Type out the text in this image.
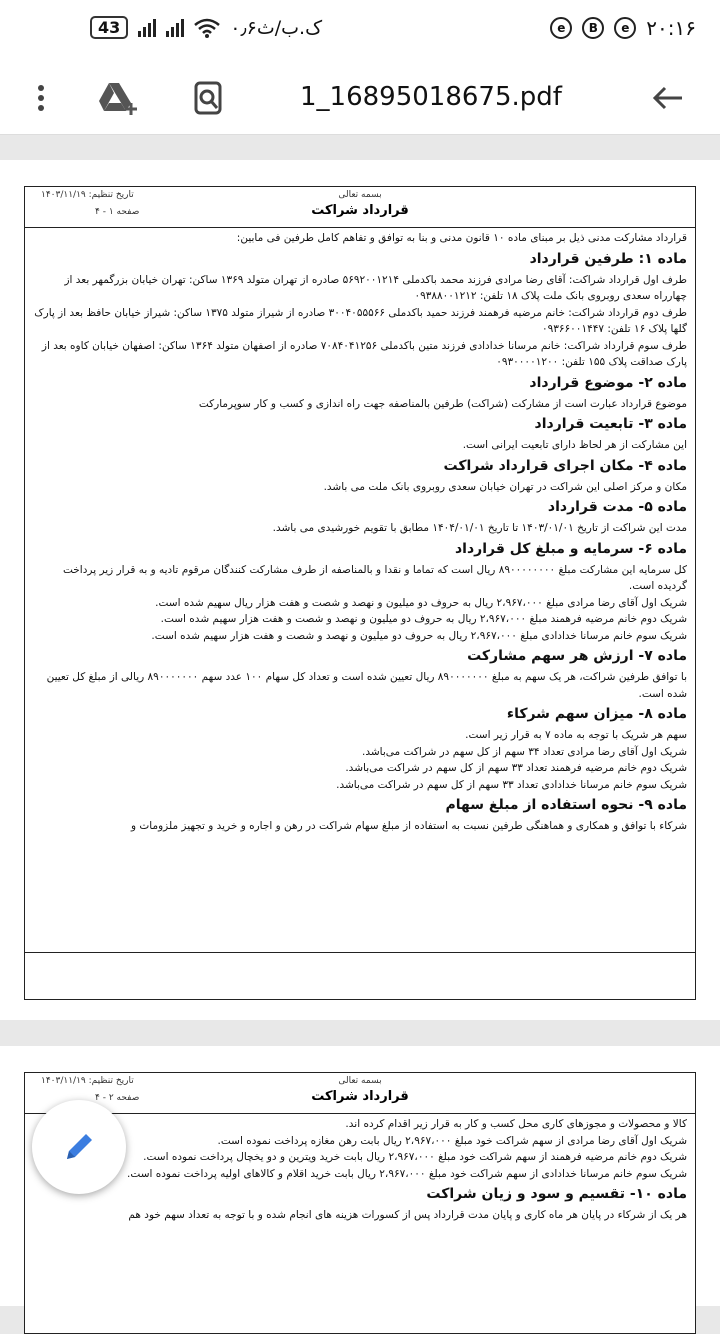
43	۰٫۶ک.ب/ث	e	B	e ۲۰:۱۶
1_16895018675.pdf
بسمه تعالی
قرارداد شراکت
تاریخ تنظیم: ۱۴۰۳/۱۱/۱۹
صفحه ۱ - ۴
قرارداد مشارکت مدنی ذیل بر مبنای ماده ۱۰ قانون مدنی و بنا به توافق و تفاهم کامل طرفین فی مابین:
ماده ۱: طرفین قرارداد
طرف اول قرارداد شراکت: آقای رضا مرادی فرزند محمد باکدملی ۵۶۹۲۰۰۱۲۱۴ صادره از تهران متولد ۱۳۶۹ ساکن: تهران خیابان بزرگمهر بعد از چهارراه سعدی روبروی بانک ملت پلاک ۱۸ تلفن: ۰۹۳۸۸۰۰۱۲۱۲
طرف دوم قرارداد شراکت: خانم مرضیه فرهمند فرزند حمید باکدملی ۳۰۰۴۰۵۵۵۶۶ صادره از شیراز متولد ۱۳۷۵ ساکن: شیراز خیابان حافظ بعد از پارک گلها پلاک ۱۶ تلفن: ۰۹۳۶۶۰۰۱۴۴۷
طرف سوم قرارداد شراکت: خانم مرسانا خدادادی فرزند متین باکدملی ۷۰۸۴۰۴۱۲۵۶ صادره از اصفهان متولد ۱۳۶۴ ساکن: اصفهان خیابان کاوه بعد از پارک صداقت پلاک ۱۵۵ تلفن: ۰۹۳۰۰۰۰۱۲۰۰
ماده ۲- موضوع قرارداد
موضوع قرارداد عبارت است از مشارکت (شراکت) طرفین بالمناصفه جهت راه اندازی و کسب و کار سوپرمارکت
ماده ۳- تابعیت قرارداد
این مشارکت از هر لحاظ دارای تابعیت ایرانی است.
ماده ۴- مکان اجرای قرارداد شراکت
مکان و مرکز اصلی این شراکت در تهران خیابان سعدی روبروی بانک ملت می باشد.
ماده ۵- مدت قرارداد
مدت این شراکت از تاریخ ۱۴۰۳/۰۱/۰۱ تا تاریخ ۱۴۰۴/۰۱/۰۱ مطابق با تقویم خورشیدی می باشد.
ماده ۶- سرمایه و مبلغ کل قرارداد
کل سرمایه این مشارکت مبلغ ۸۹۰۰۰۰۰۰۰۰ ریال است که تماما و نقدا و بالمناصفه از طرف مشارکت کنندگان مرقوم تادیه و به قرار زیر پرداخت گردیده است.
شریک اول آقای رضا مرادی مبلغ ۲،۹۶۷،۰۰۰ ریال به حروف دو میلیون و نهصد و شصت و هفت هزار ریال سهیم شده است.
شریک دوم خانم مرضیه فرهمند مبلغ ۲،۹۶۷،۰۰۰ ریال به حروف دو میلیون و نهصد و شصت و هفت هزار سهیم شده است.
شریک سوم خانم مرسانا خدادادی مبلغ ۲،۹۶۷،۰۰۰ ریال به حروف دو میلیون و نهصد و شصت و هفت هزار سهیم شده است.
ماده ۷- ارزش هر سهم مشارکت
با توافق طرفین شراکت، هر یک سهم به مبلغ ۸۹۰۰۰۰۰۰۰ ریال تعیین شده است و تعداد کل سهام ۱۰۰ عدد سهم ۸۹۰۰۰۰۰۰۰ ریالی از مبلغ کل تعیین شده است.
ماده ۸- میزان سهم شرکاء
سهم هر شریک با توجه به ماده ۷ به قرار زیر است.
شریک اول آقای رضا مرادی تعداد ۳۴ سهم از کل سهم در شراکت می‌باشد.
شریک دوم خانم مرضیه فرهمند تعداد ۳۳ سهم از کل سهم در شراکت می‌باشد.
شریک سوم خانم مرسانا خدادادی تعداد ۳۳ سهم از کل سهم در شراکت می‌باشد.
ماده ۹- نحوه استفاده از مبلغ سهام
شرکاء با توافق و همکاری و هماهنگی طرفین نسبت به استفاده از مبلغ سهام شراکت در رهن و اجاره و خرید و تجهیز ملزومات و
بسمه تعالی
قرارداد شراکت
تاریخ تنظیم: ۱۴۰۳/۱۱/۱۹
صفحه ۲ - ۴
کالا و محصولات و مجوزهای کاری محل کسب و کار به قرار زیر اقدام کرده اند.
شریک اول آقای رضا مرادی از سهم شراکت خود مبلغ ۲،۹۶۷،۰۰۰ ریال بابت رهن مغازه پرداخت نموده است.
شریک دوم خانم مرضیه فرهمند از سهم شراکت خود مبلغ ۲،۹۶۷،۰۰۰ ریال بابت خرید ویترین و دو یخچال پرداخت نموده است.
شریک سوم خانم مرسانا خدادادی از سهم شراکت خود مبلغ ۲،۹۶۷،۰۰۰ ریال بابت خرید اقلام و کالاهای اولیه پرداخت نموده است.
ماده ۱۰- تقسیم و سود و زیان شراکت
هر یک از شرکاء در پایان هر ماه کاری و پایان مدت قرارداد پس از کسورات هزینه های انجام شده و با توجه به تعداد سهم خود هم
